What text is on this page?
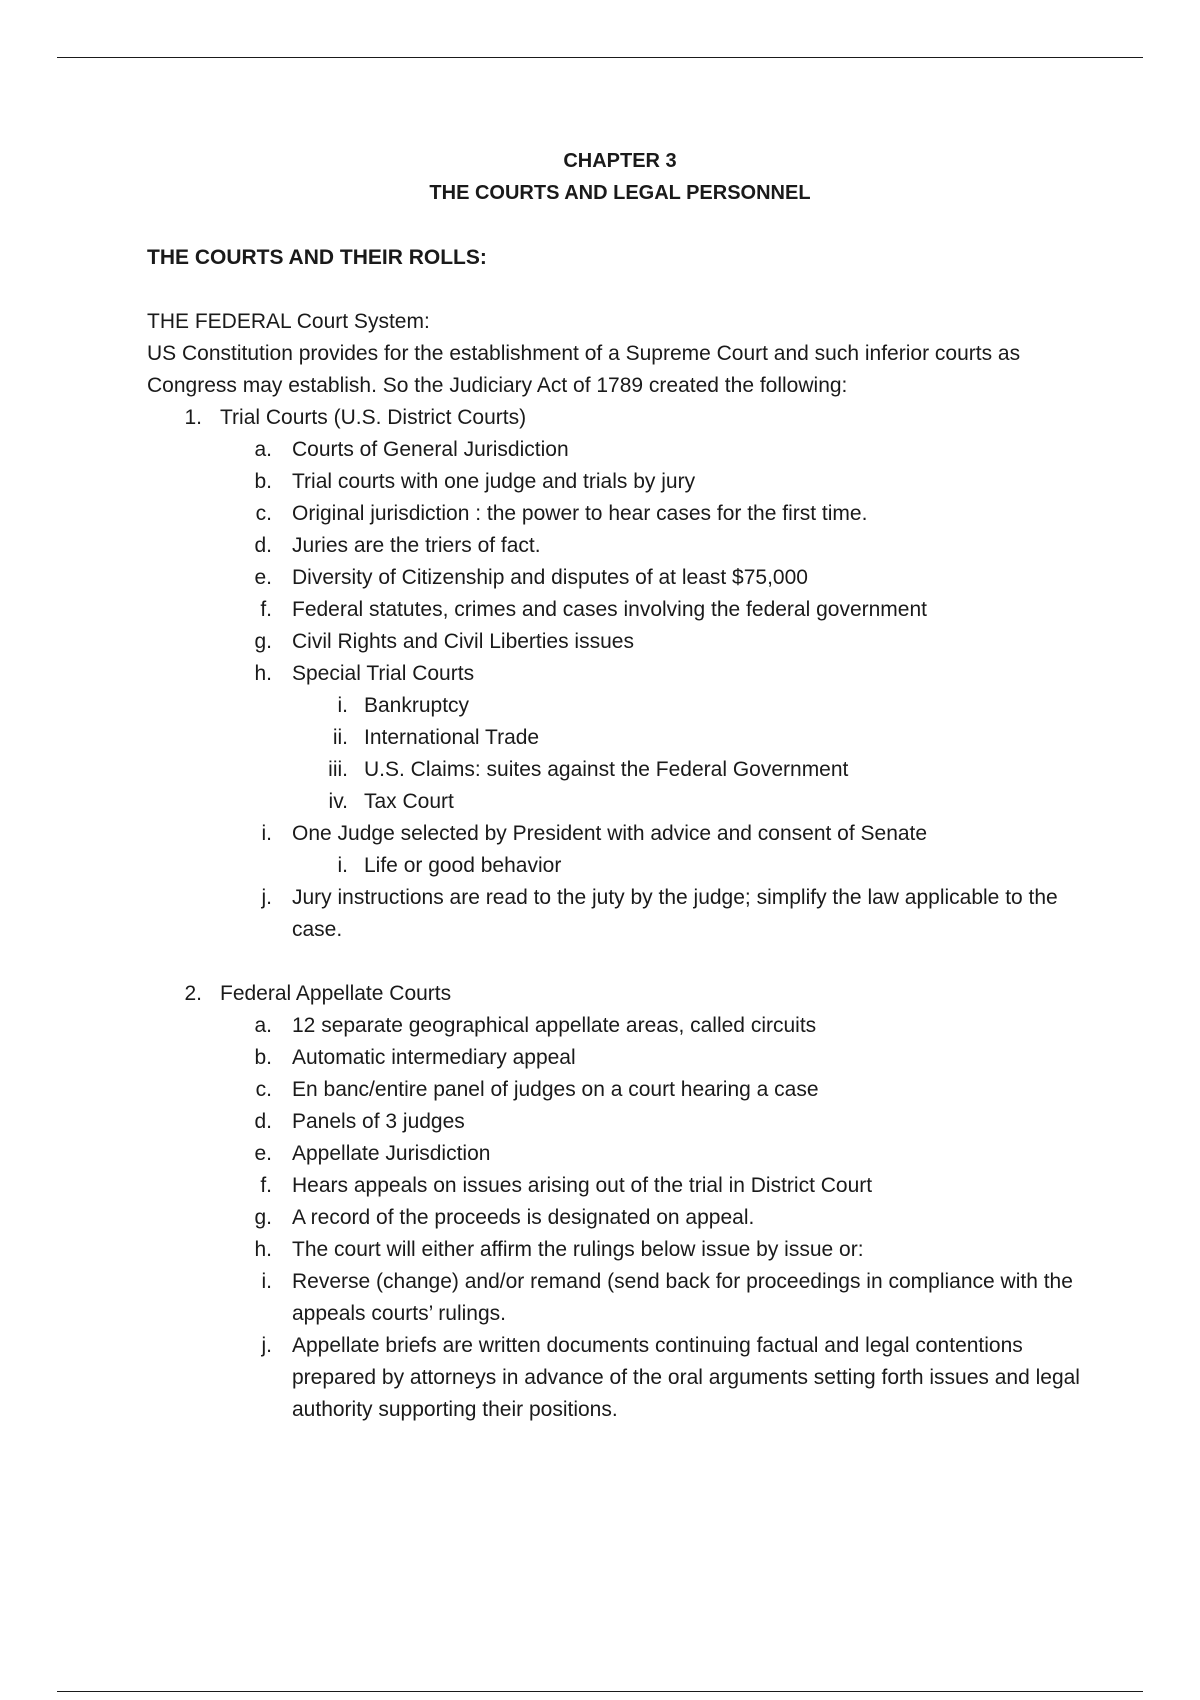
CHAPTER 3
THE COURTS AND LEGAL PERSONNEL
THE COURTS AND THEIR ROLLS:
THE FEDERAL Court System:
US Constitution provides for the establishment of a Supreme Court and such inferior courts as
Congress may establish. So the Judiciary Act of 1789 created the following:
1. Trial Courts (U.S. District Courts)
a. Courts of General Jurisdiction
b. Trial courts with one judge and trials by jury
c. Original jurisdiction : the power to hear cases for the first time.
d. Juries are the triers of fact.
e. Diversity of Citizenship and disputes of at least $75,000
f. Federal statutes, crimes and cases involving the federal government
g. Civil Rights and Civil Liberties issues
h. Special Trial Courts
i. Bankruptcy
ii. International Trade
iii. U.S. Claims: suites against the Federal Government
iv. Tax Court
i. One Judge selected by President with advice and consent of Senate
i. Life or good behavior
j. Jury instructions are read to the juty by the judge; simplify the law applicable to the case.
2. Federal Appellate Courts
a. 12 separate geographical appellate areas, called circuits
b. Automatic intermediary appeal
c. En banc/entire panel of judges on a court hearing a case
d. Panels of 3 judges
e. Appellate Jurisdiction
f. Hears appeals on issues arising out of the trial in District Court
g. A record of the proceeds is designated on appeal.
h. The court will either affirm the rulings below issue by issue or:
i. Reverse (change) and/or remand (send back for proceedings in compliance with the appeals courts’ rulings.
j. Appellate briefs are written documents continuing factual and legal contentions prepared by attorneys in advance of the oral arguments setting forth issues and legal authority supporting their positions.
